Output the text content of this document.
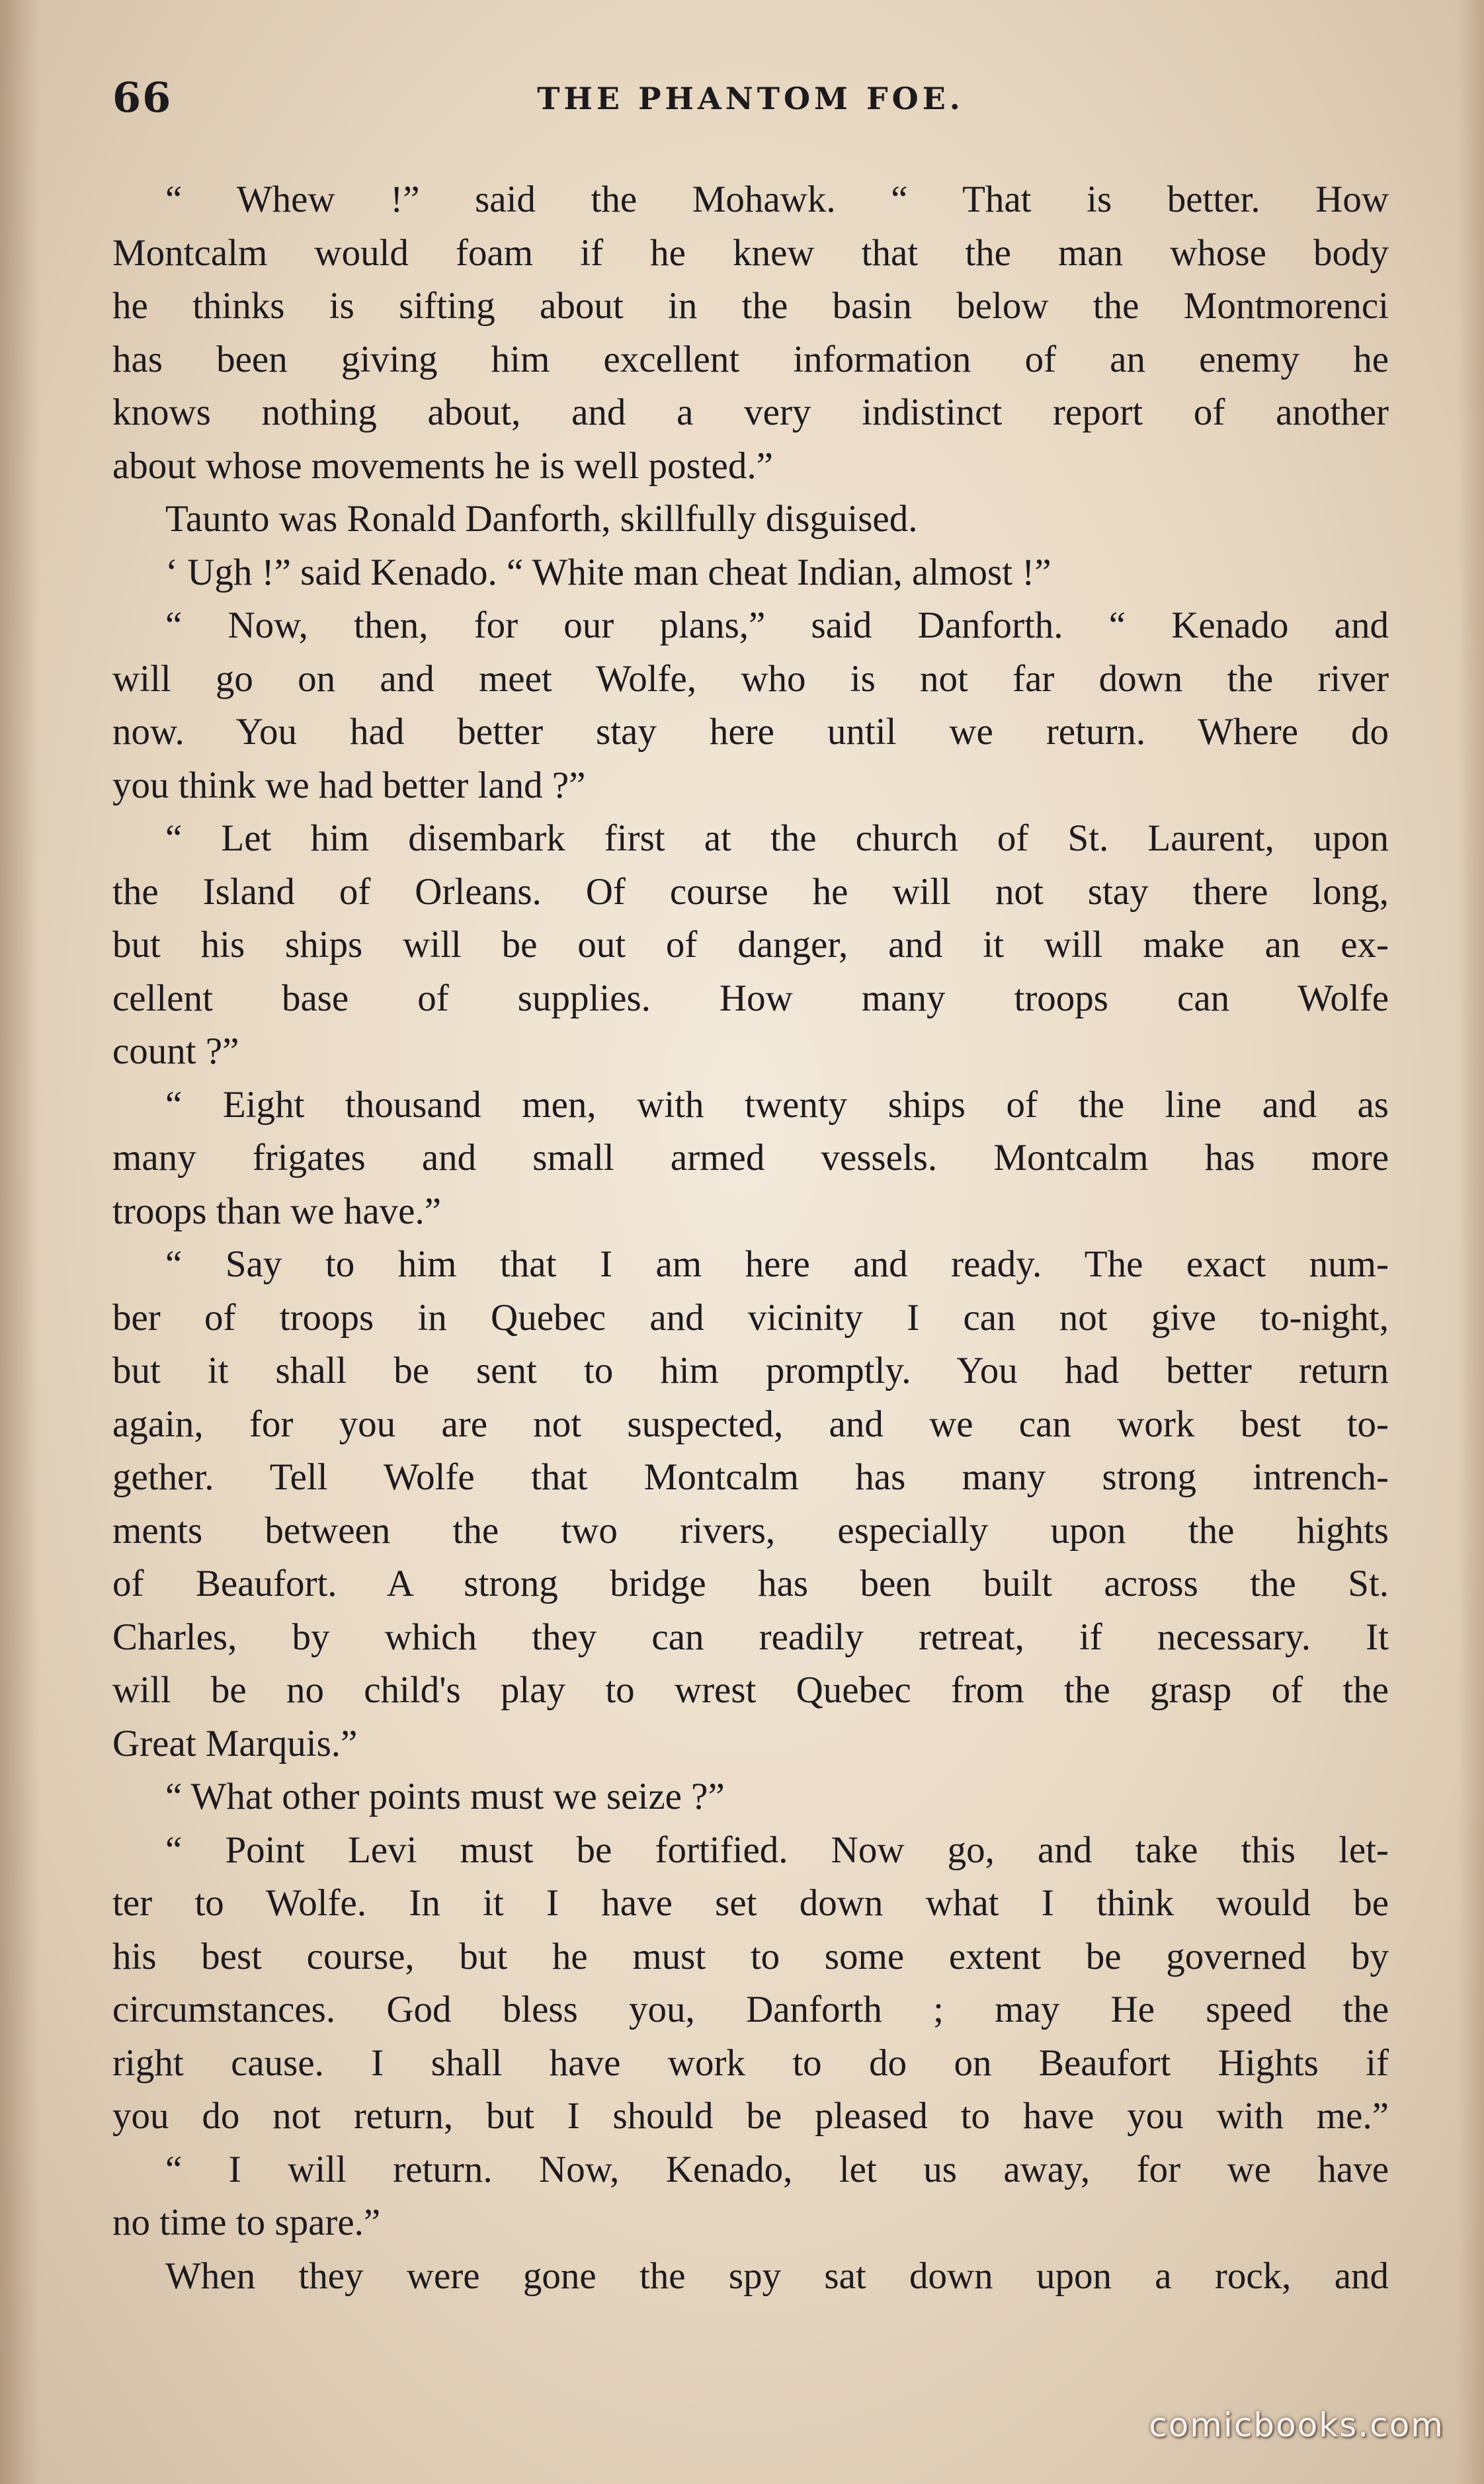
66	THE PHANTOM FOE.
“ Whew !” said the Mohawk. “ That is better. How
Montcalm would foam if he knew that the man whose body
he thinks is sifting about in the basin below the Montmorenci
has been giving him excellent information of an enemy he
knows nothing about, and a very indistinct report of another
about whose movements he is well posted.”
Taunto was Ronald Danforth, skillfully disguised.
‘ Ugh !” said Kenado. “ White man cheat Indian, almost !”
“ Now, then, for our plans,” said Danforth. “ Kenado and
will go on and meet Wolfe, who is not far down the river
now. You had better stay here until we return. Where do
you think we had better land ?”
“ Let him disembark first at the church of St. Laurent, upon
the Island of Orleans. Of course he will not stay there long,
but his ships will be out of danger, and it will make an ex-
cellent base of supplies. How many troops can Wolfe
count ?”
“ Eight thousand men, with twenty ships of the line and as
many frigates and small armed vessels. Montcalm has more
troops than we have.”
“ Say to him that I am here and ready. The exact num-
ber of troops in Quebec and vicinity I can not give to-night,
but it shall be sent to him promptly. You had better return
again, for you are not suspected, and we can work best to-
gether. Tell Wolfe that Montcalm has many strong intrench-
ments between the two rivers, especially upon the hights
of Beaufort. A strong bridge has been built across the St.
Charles, by which they can readily retreat, if necessary. It
will be no child's play to wrest Quebec from the grasp of the
Great Marquis.”
“ What other points must we seize ?”
“ Point Levi must be fortified. Now go, and take this let-
ter to Wolfe. In it I have set down what I think would be
his best course, but he must to some extent be governed by
circumstances. God bless you, Danforth ; may He speed the
right cause. I shall have work to do on Beaufort Hights if
you do not return, but I should be pleased to have you with me.”
“ I will return. Now, Kenado, let us away, for we have
no time to spare.”
When they were gone the spy sat down upon a rock, and
comicbooks.com
